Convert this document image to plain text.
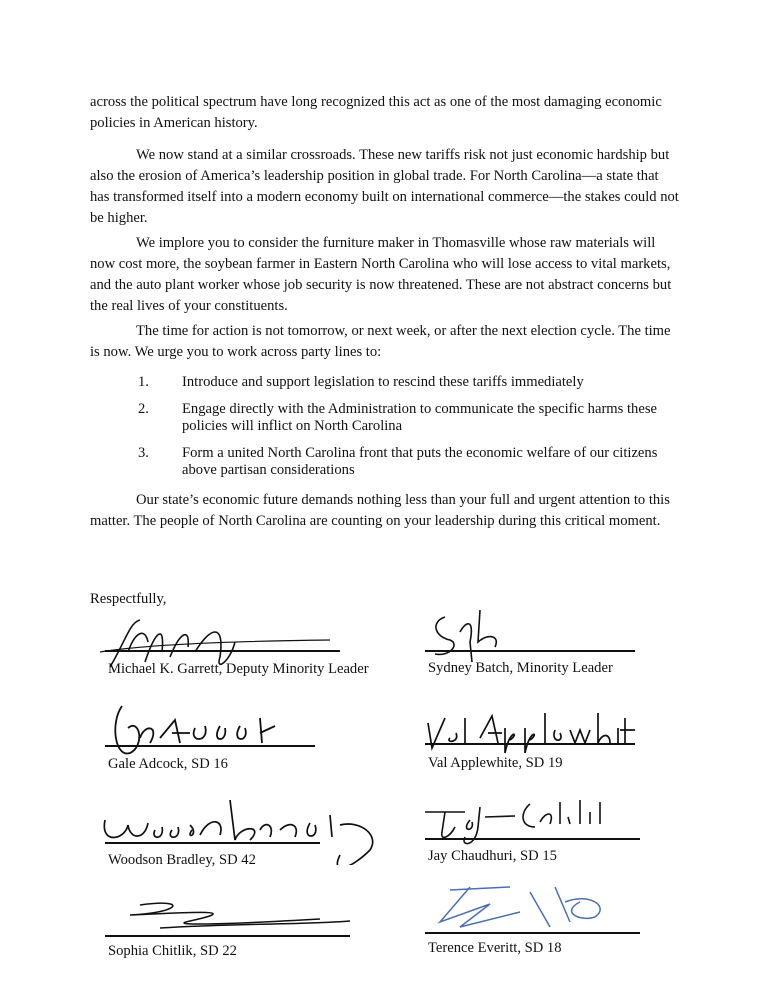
across the political spectrum have long recognized this act as one of the most damaging economic policies in American history.

We now stand at a similar crossroads. These new tariffs risk not just economic hardship but also the erosion of America’s leadership position in global trade. For North Carolina—a state that has transformed itself into a modern economy built on international commerce—the stakes could not be higher.

We implore you to consider the furniture maker in Thomasville whose raw materials will now cost more, the soybean farmer in Eastern North Carolina who will lose access to vital markets, and the auto plant worker whose job security is now threatened. These are not abstract concerns but the real lives of your constituents.

The time for action is not tomorrow, or next week, or after the next election cycle. The time is now. We urge you to work across party lines to:

1. Introduce and support legislation to rescind these tariffs immediately
2. Engage directly with the Administration to communicate the specific harms these policies will inflict on North Carolina
3. Form a united North Carolina front that puts the economic welfare of our citizens above partisan considerations

Our state’s economic future demands nothing less than your full and urgent attention to this matter. The people of North Carolina are counting on your leadership during this critical moment.

Respectfully,

Michael K. Garrett, Deputy Minority Leader
Gale Adcock, SD 16
Woodson Bradley, SD 42
Sophia Chitlik, SD 22
Sydney Batch, Minority Leader
Val Applewhite, SD 19
Jay Chaudhuri, SD 15
Terence Everitt, SD 18
